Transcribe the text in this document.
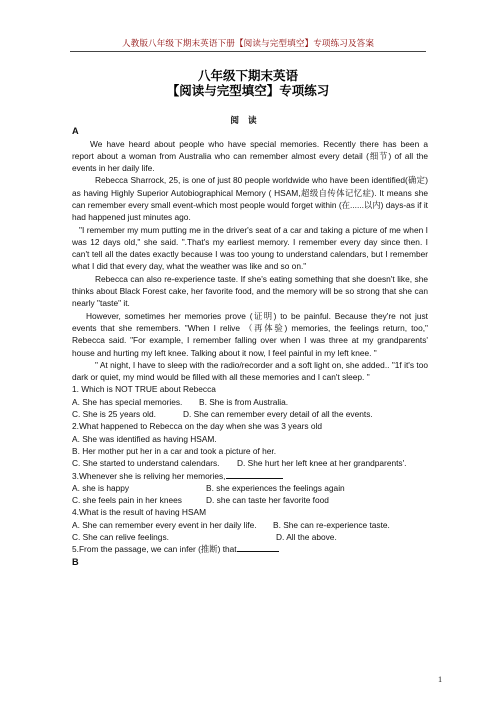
人教版八年级下期末英语下册【阅读与完型填空】专项练习及答案
八年级下期末英语
【阅读与完型填空】专项练习
阅读

A

We have heard about people who have special memories. Recently there has been a report about a woman from Australia who can remember almost every detail (细节) of all the events in her daily life.

Rebecca Sharrock, 25, is one of just 80 people worldwide who have been identified(确定) as having Highly Superior Autobiographical Memory ( HSAM,超级自传体记忆症). It means she can remember every small event-which most people would forget within (在......以内) days-as if it had happened just minutes ago.

"I remember my mum putting me in the driver's seat of a car and taking a picture of me when I was 12 days old," she said. ".That's my earliest memory. I remember every day since then. I can't tell all the dates exactly because I was too young to understand calendars, but I remember what I did that every day, what the weather was like and so on."

Rebecca can also re-experience taste. If she's eating something that she doesn't like, she thinks about Black Forest cake, her favorite food, and the memory will be so strong that she can nearly "taste" it.

However, sometimes her memories prove (证明) to be painful. Because they're not just events that she remembers. "When I relive （再体验) memories, the feelings return, too," Rebecca said. "For example, I remember falling over when I was three at my grandparents' house and hurting my left knee. Talking about it now, I feel painful in my left knee. "

" At night, I have to sleep with the radio/recorder and a soft light on, she added.. "1f it's too dark or quiet, my mind would be filled with all these memories and I can't sleep. "

1. Which is NOT TRUE about Rebecca

A. She has special memories.	B. She is from Australia.

C. She is 25 years old.	D. She can remember every detail of all the events.

2.What happened to Rebecca on the day when she was 3 years old

A. She was identified as having HSAM.

B. Her mother put her in a car and took a picture of her.

C. She started to understand calendars.	D. She hurt her left knee at her grandparents'.

3.Whenever she is reliving her memories,

A. she is happy	B. she experiences the feelings again

C. she feels pain in her knees	D. she can taste her favorite food

4.What is the result of having HSAM

A. She can remember every event in her daily life.	B. She can re-experience taste.

C. She can relive feelings.	D. All the above.

5.From the passage, we can infer (推断) that

B

1
